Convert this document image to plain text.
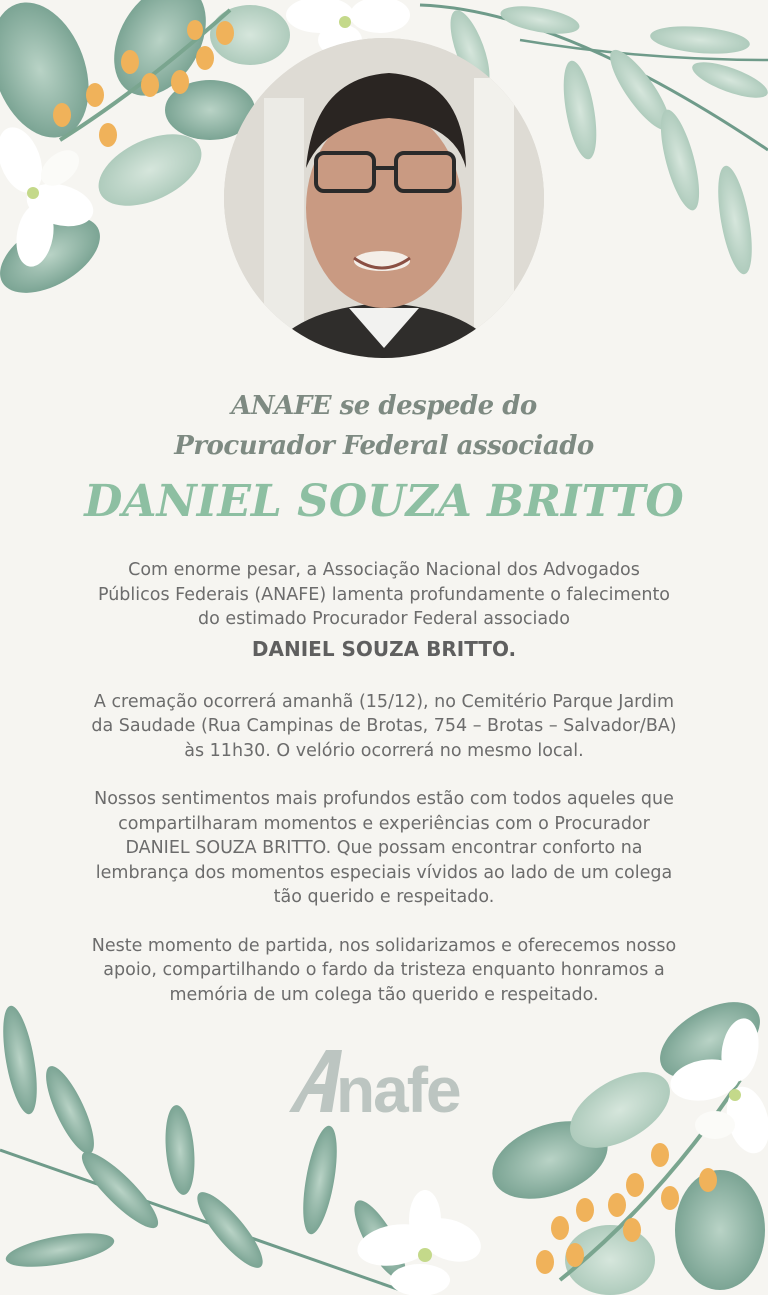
ANAFE se despede do
Procurador Federal associado
DANIEL SOUZA BRITTO

Com enorme pesar, a Associação Nacional dos Advogados Públicos Federais (ANAFE) lamenta profundamente o falecimento do estimado Procurador Federal associado
DANIEL SOUZA BRITTO.

A cremação ocorrerá amanhã (15/12), no Cemitério Parque Jardim da Saudade (Rua Campinas de Brotas, 754 – Brotas – Salvador/BA) às 11h30. O velório ocorrerá no mesmo local.

Nossos sentimentos mais profundos estão com todos aqueles que compartilharam momentos e experiências com o Procurador DANIEL SOUZA BRITTO. Que possam encontrar conforto na lembrança dos momentos especiais vívidos ao lado de um colega tão querido e respeitado.

Neste momento de partida, nos solidarizamos e oferecemos nosso apoio, compartilhando o fardo da tristeza enquanto honramos a memória de um colega tão querido e respeitado.

nafe
